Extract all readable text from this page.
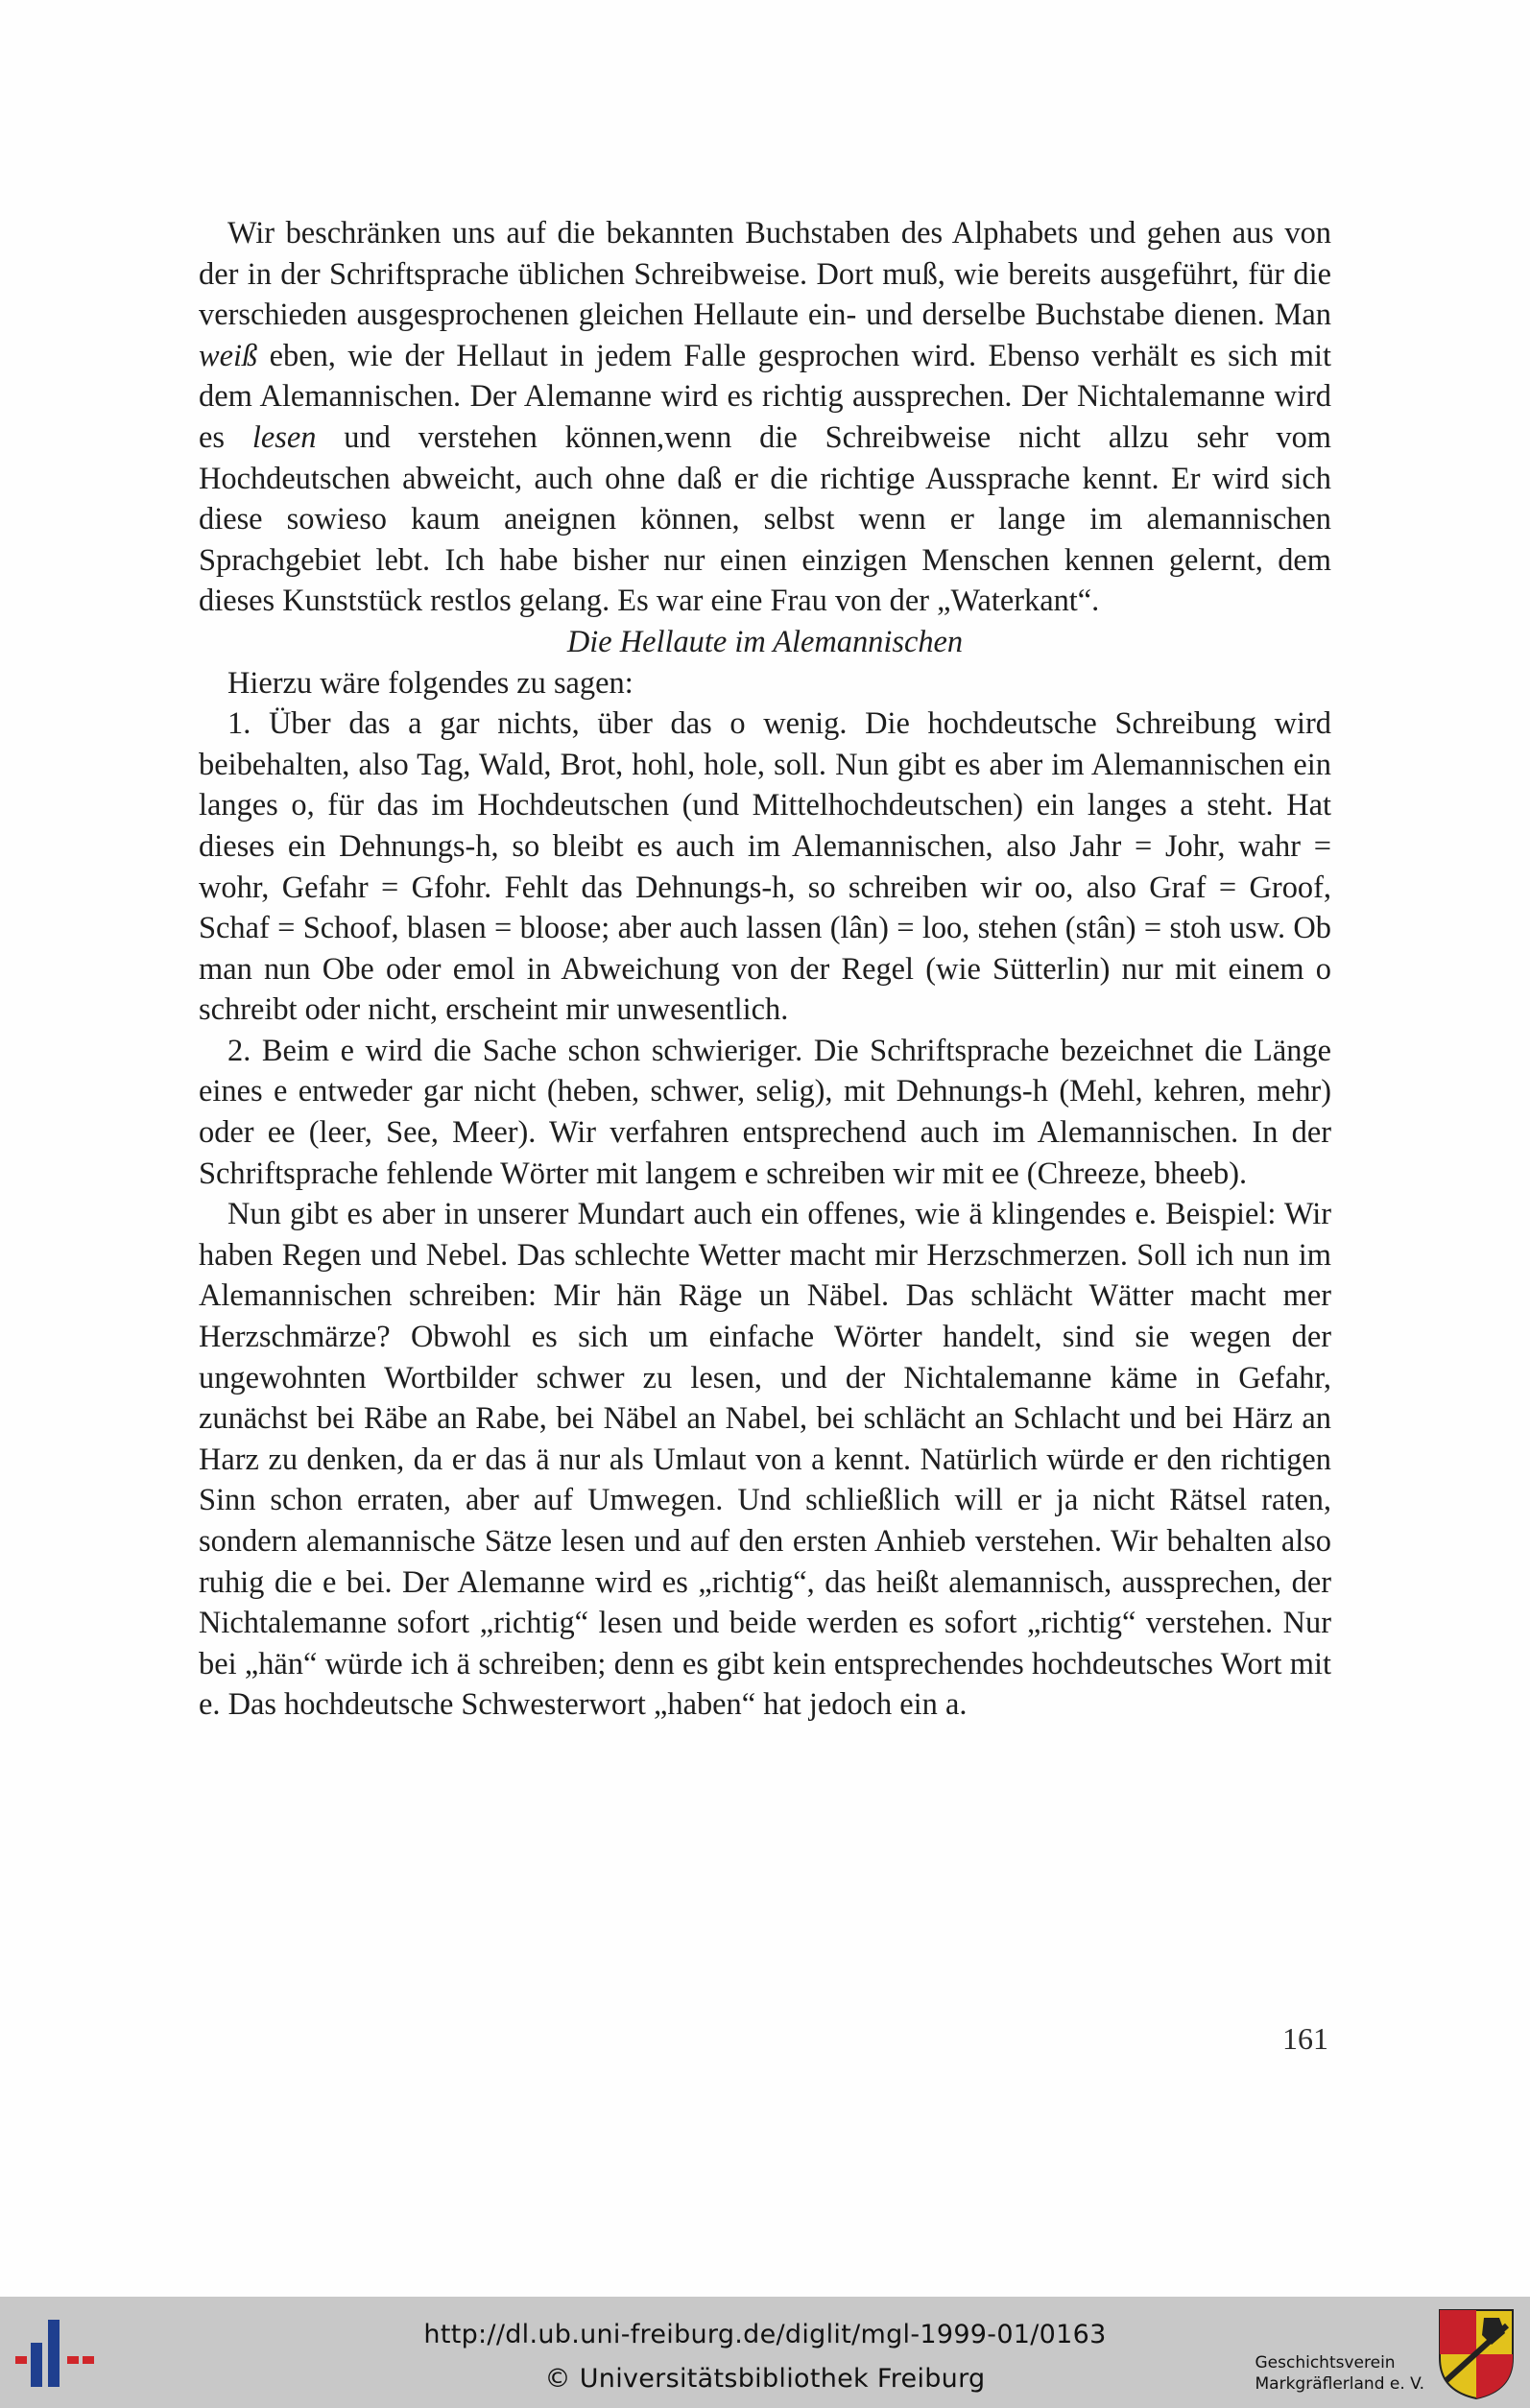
Wir beschränken uns auf die bekannten Buchstaben des Alphabets und gehen aus von der in der Schriftsprache üblichen Schreibweise. Dort muß, wie bereits ausgeführt, für die verschieden ausgesprochenen gleichen Hellaute ein- und derselbe Buchstabe dienen. Man weiß eben, wie der Hellaut in jedem Falle gesprochen wird. Ebenso verhält es sich mit dem Alemannischen. Der Alemanne wird es richtig aussprechen. Der Nichtalemanne wird es lesen und verstehen können,wenn die Schreibweise nicht allzu sehr vom Hochdeutschen abweicht, auch ohne daß er die richtige Aussprache kennt. Er wird sich diese sowieso kaum aneignen können, selbst wenn er lange im alemannischen Sprachgebiet lebt. Ich habe bisher nur einen einzigen Menschen kennen gelernt, dem dieses Kunststück restlos gelang. Es war eine Frau von der „Waterkant“.

Die Hellaute im Alemannischen

Hierzu wäre folgendes zu sagen:

1. Über das a gar nichts, über das o wenig. Die hochdeutsche Schreibung wird beibehalten, also Tag, Wald, Brot, hohl, hole, soll. Nun gibt es aber im Alemannischen ein langes o, für das im Hochdeutschen (und Mittelhochdeutschen) ein langes a steht. Hat dieses ein Dehnungs-h, so bleibt es auch im Alemannischen, also Jahr = Johr, wahr = wohr, Gefahr = Gfohr. Fehlt das Dehnungs-h, so schreiben wir oo, also Graf = Groof, Schaf = Schoof, blasen = bloose; aber auch lassen (lân) = loo, stehen (stân) = stoh usw. Ob man nun Obe oder emol in Abweichung von der Regel (wie Sütterlin) nur mit einem o schreibt oder nicht, erscheint mir unwesentlich.

2. Beim e wird die Sache schon schwieriger. Die Schriftsprache bezeichnet die Länge eines e entweder gar nicht (heben, schwer, selig), mit Dehnungs-h (Mehl, kehren, mehr) oder ee (leer, See, Meer). Wir verfahren entsprechend auch im Alemannischen. In der Schriftsprache fehlende Wörter mit langem e schreiben wir mit ee (Chreeze, bheeb).

Nun gibt es aber in unserer Mundart auch ein offenes, wie ä klingendes e. Beispiel: Wir haben Regen und Nebel. Das schlechte Wetter macht mir Herzschmerzen. Soll ich nun im Alemannischen schreiben: Mir hän Räge un Näbel. Das schlächt Wätter macht mer Herzschmärze? Obwohl es sich um einfache Wörter handelt, sind sie wegen der ungewohnten Wortbilder schwer zu lesen, und der Nichtalemanne käme in Gefahr, zunächst bei Räbe an Rabe, bei Näbel an Nabel, bei schlächt an Schlacht und bei Härz an Harz zu denken, da er das ä nur als Umlaut von a kennt. Natürlich würde er den richtigen Sinn schon erraten, aber auf Umwegen. Und schließlich will er ja nicht Rätsel raten, sondern alemannische Sätze lesen und auf den ersten Anhieb verstehen. Wir behalten also ruhig die e bei. Der Alemanne wird es „richtig“, das heißt alemannisch, aussprechen, der Nichtalemanne sofort „richtig“ lesen und beide werden es sofort „richtig“ verstehen. Nur bei „hän“ würde ich ä schreiben; denn es gibt kein entsprechendes hochdeutsches Wort mit e. Das hochdeutsche Schwesterwort „haben“ hat jedoch ein a.

161
http://dl.ub.uni-freiburg.de/diglit/mgl-1999-01/0163
© Universitätsbibliothek Freiburg
Geschichtsverein
Markgräflerland e. V.
